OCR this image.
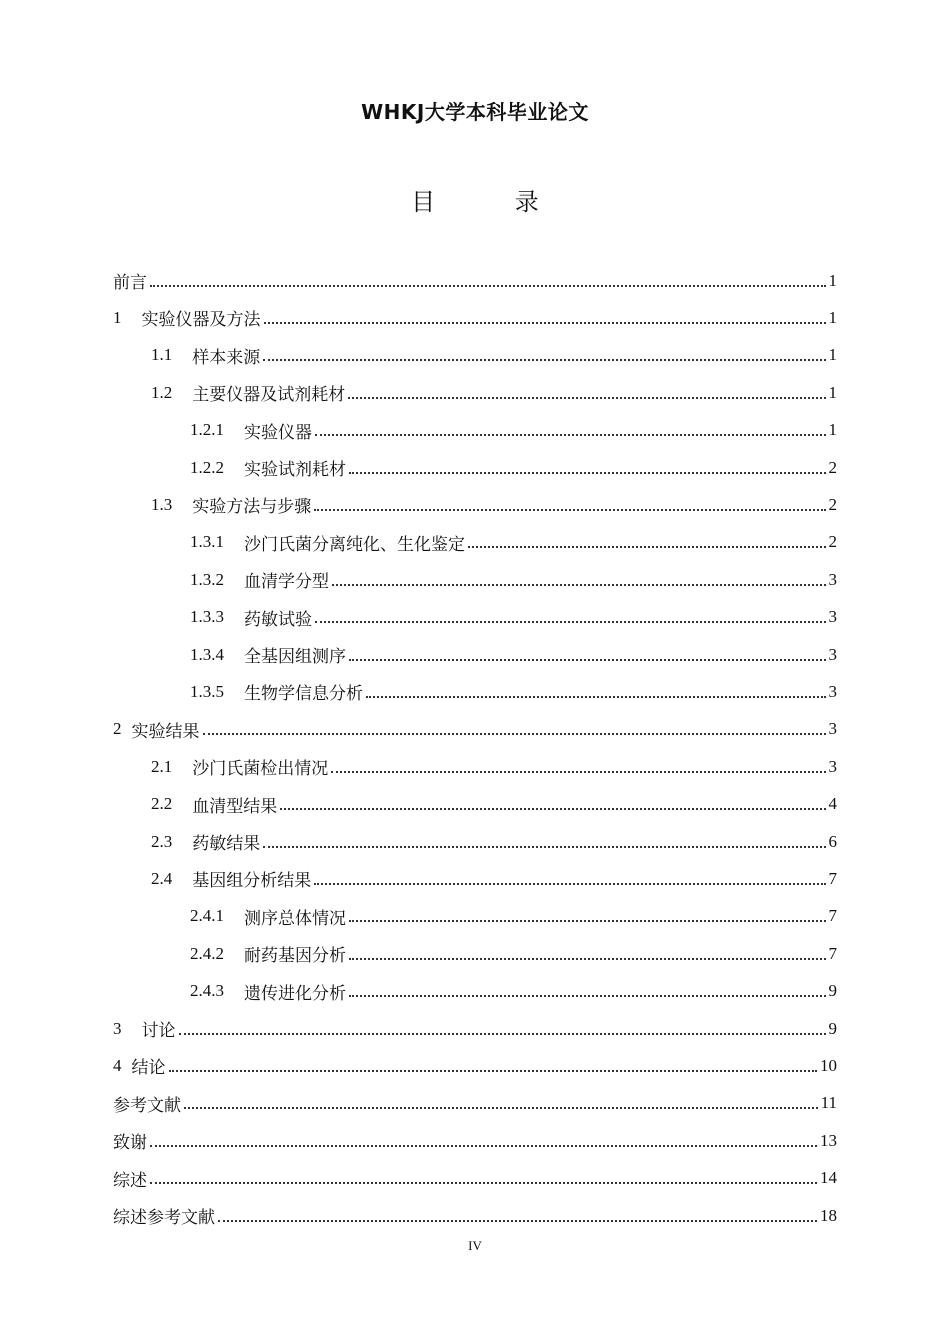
WHKJ大学本科毕业论文
目 录
前言	1
1 实验仪器及方法	1
1.1 样本来源	1
1.2 主要仪器及试剂耗材	1
1.2.1 实验仪器	1
1.2.2 实验试剂耗材	2
1.3 实验方法与步骤	2
1.3.1 沙门氏菌分离纯化、生化鉴定	2
1.3.2 血清学分型	3
1.3.3 药敏试验	3
1.3.4 全基因组测序	3
1.3.5 生物学信息分析	3
2 实验结果	3
2.1 沙门氏菌检出情况	3
2.2 血清型结果	4
2.3 药敏结果	6
2.4 基因组分析结果	7
2.4.1 测序总体情况	7
2.4.2 耐药基因分析	7
2.4.3 遗传进化分析	9
3 讨论	9
4 结论	10
参考文献	11
致谢	13
综述	14
综述参考文献	18
IV
